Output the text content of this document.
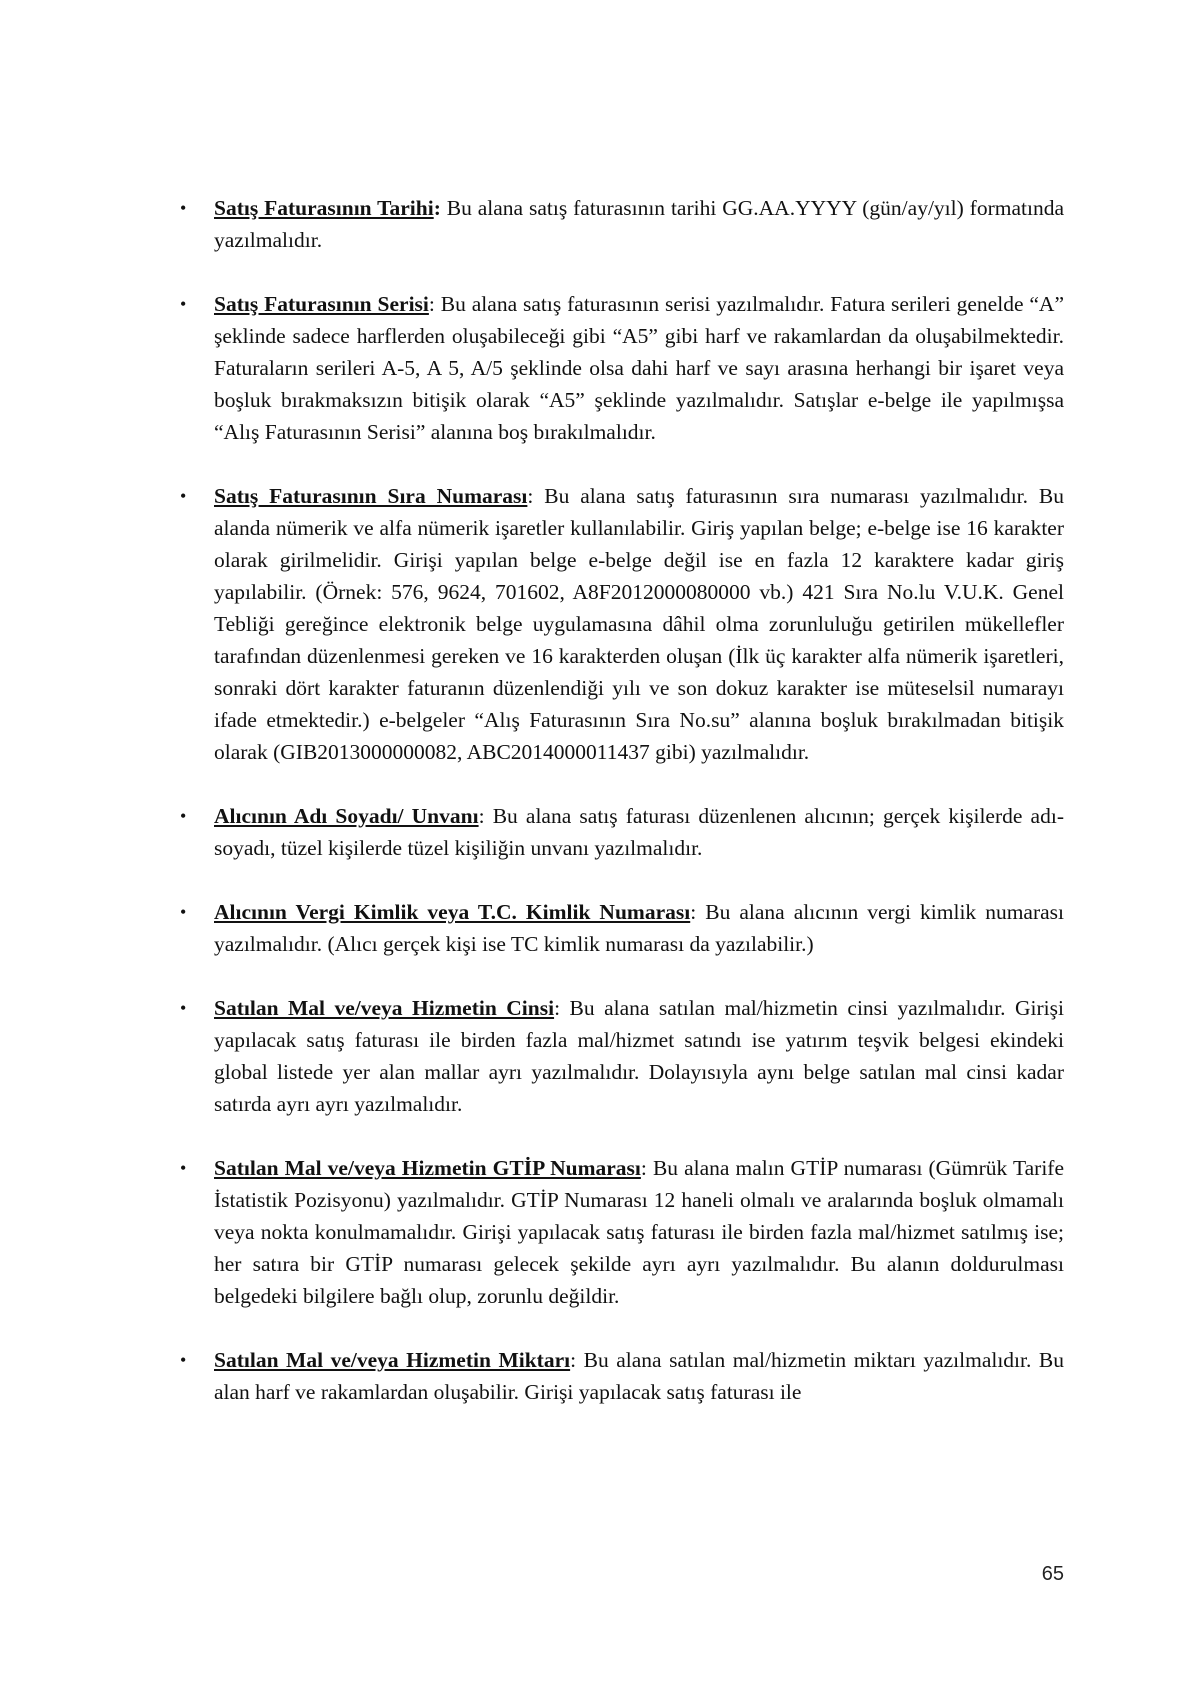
• Satış Faturasının Tarihi: Bu alana satış faturasının tarihi GG.AA.YYYY (gün/ay/yıl) formatında yazılmalıdır.
• Satış Faturasının Serisi: Bu alana satış faturasının serisi yazılmalıdır. Fatura serileri genelde “A” şeklinde sadece harflerden oluşabileceği gibi “A5” gibi harf ve rakamlardan da oluşabilmektedir. Faturaların serileri A-5, A 5, A/5 şeklinde olsa dahi harf ve sayı arasına herhangi bir işaret veya boşluk bırakmaksızın bitişik olarak “A5” şeklinde yazılmalıdır. Satışlar e-belge ile yapılmışsa “Alış Faturasının Serisi” alanına boş bırakılmalıdır.
• Satış Faturasının Sıra Numarası: Bu alana satış faturasının sıra numarası yazılmalıdır. Bu alanda nümerik ve alfa nümerik işaretler kullanılabilir. Giriş yapılan belge; e-belge ise 16 karakter olarak girilmelidir. Girişi yapılan belge e-belge değil ise en fazla 12 karaktere kadar giriş yapılabilir. (Örnek: 576, 9624, 701602, A8F2012000080000 vb.) 421 Sıra No.lu V.U.K. Genel Tebliği gereğince elektronik belge uygulamasına dâhil olma zorunluluğu getirilen mükellefler tarafından düzenlenmesi gereken ve 16 karakterden oluşan (İlk üç karakter alfa nümerik işaretleri, sonraki dört karakter faturanın düzenlendiği yılı ve son dokuz karakter ise müteselsil numarayı ifade etmektedir.) e-belgeler “Alış Faturasının Sıra No.su” alanına boşluk bırakılmadan bitişik olarak (GIB2013000000082, ABC2014000011437 gibi) yazılmalıdır.
• Alıcının Adı Soyadı/ Unvanı: Bu alana satış faturası düzenlenen alıcının; gerçek kişilerde adı-soyadı, tüzel kişilerde tüzel kişiliğin unvanı yazılmalıdır.
• Alıcının Vergi Kimlik veya T.C. Kimlik Numarası: Bu alana alıcının vergi kimlik numarası yazılmalıdır. (Alıcı gerçek kişi ise TC kimlik numarası da yazılabilir.)
• Satılan Mal ve/veya Hizmetin Cinsi: Bu alana satılan mal/hizmetin cinsi yazılmalıdır. Girişi yapılacak satış faturası ile birden fazla mal/hizmet satındı ise yatırım teşvik belgesi ekindeki global listede yer alan mallar ayrı yazılmalıdır. Dolayısıyla aynı belge satılan mal cinsi kadar satırda ayrı ayrı yazılmalıdır.
• Satılan Mal ve/veya Hizmetin GTİP Numarası: Bu alana malın GTİP numarası (Gümrük Tarife İstatistik Pozisyonu) yazılmalıdır. GTİP Numarası 12 haneli olmalı ve aralarında boşluk olmamalı veya nokta konulmamalıdır. Girişi yapılacak satış faturası ile birden fazla mal/hizmet satılmış ise; her satıra bir GTİP numarası gelecek şekilde ayrı ayrı yazılmalıdır. Bu alanın doldurulması belgedeki bilgilere bağlı olup, zorunlu değildir.
• Satılan Mal ve/veya Hizmetin Miktarı: Bu alana satılan mal/hizmetin miktarı yazılmalıdır. Bu alan harf ve rakamlardan oluşabilir. Girişi yapılacak satış faturası ile
65
